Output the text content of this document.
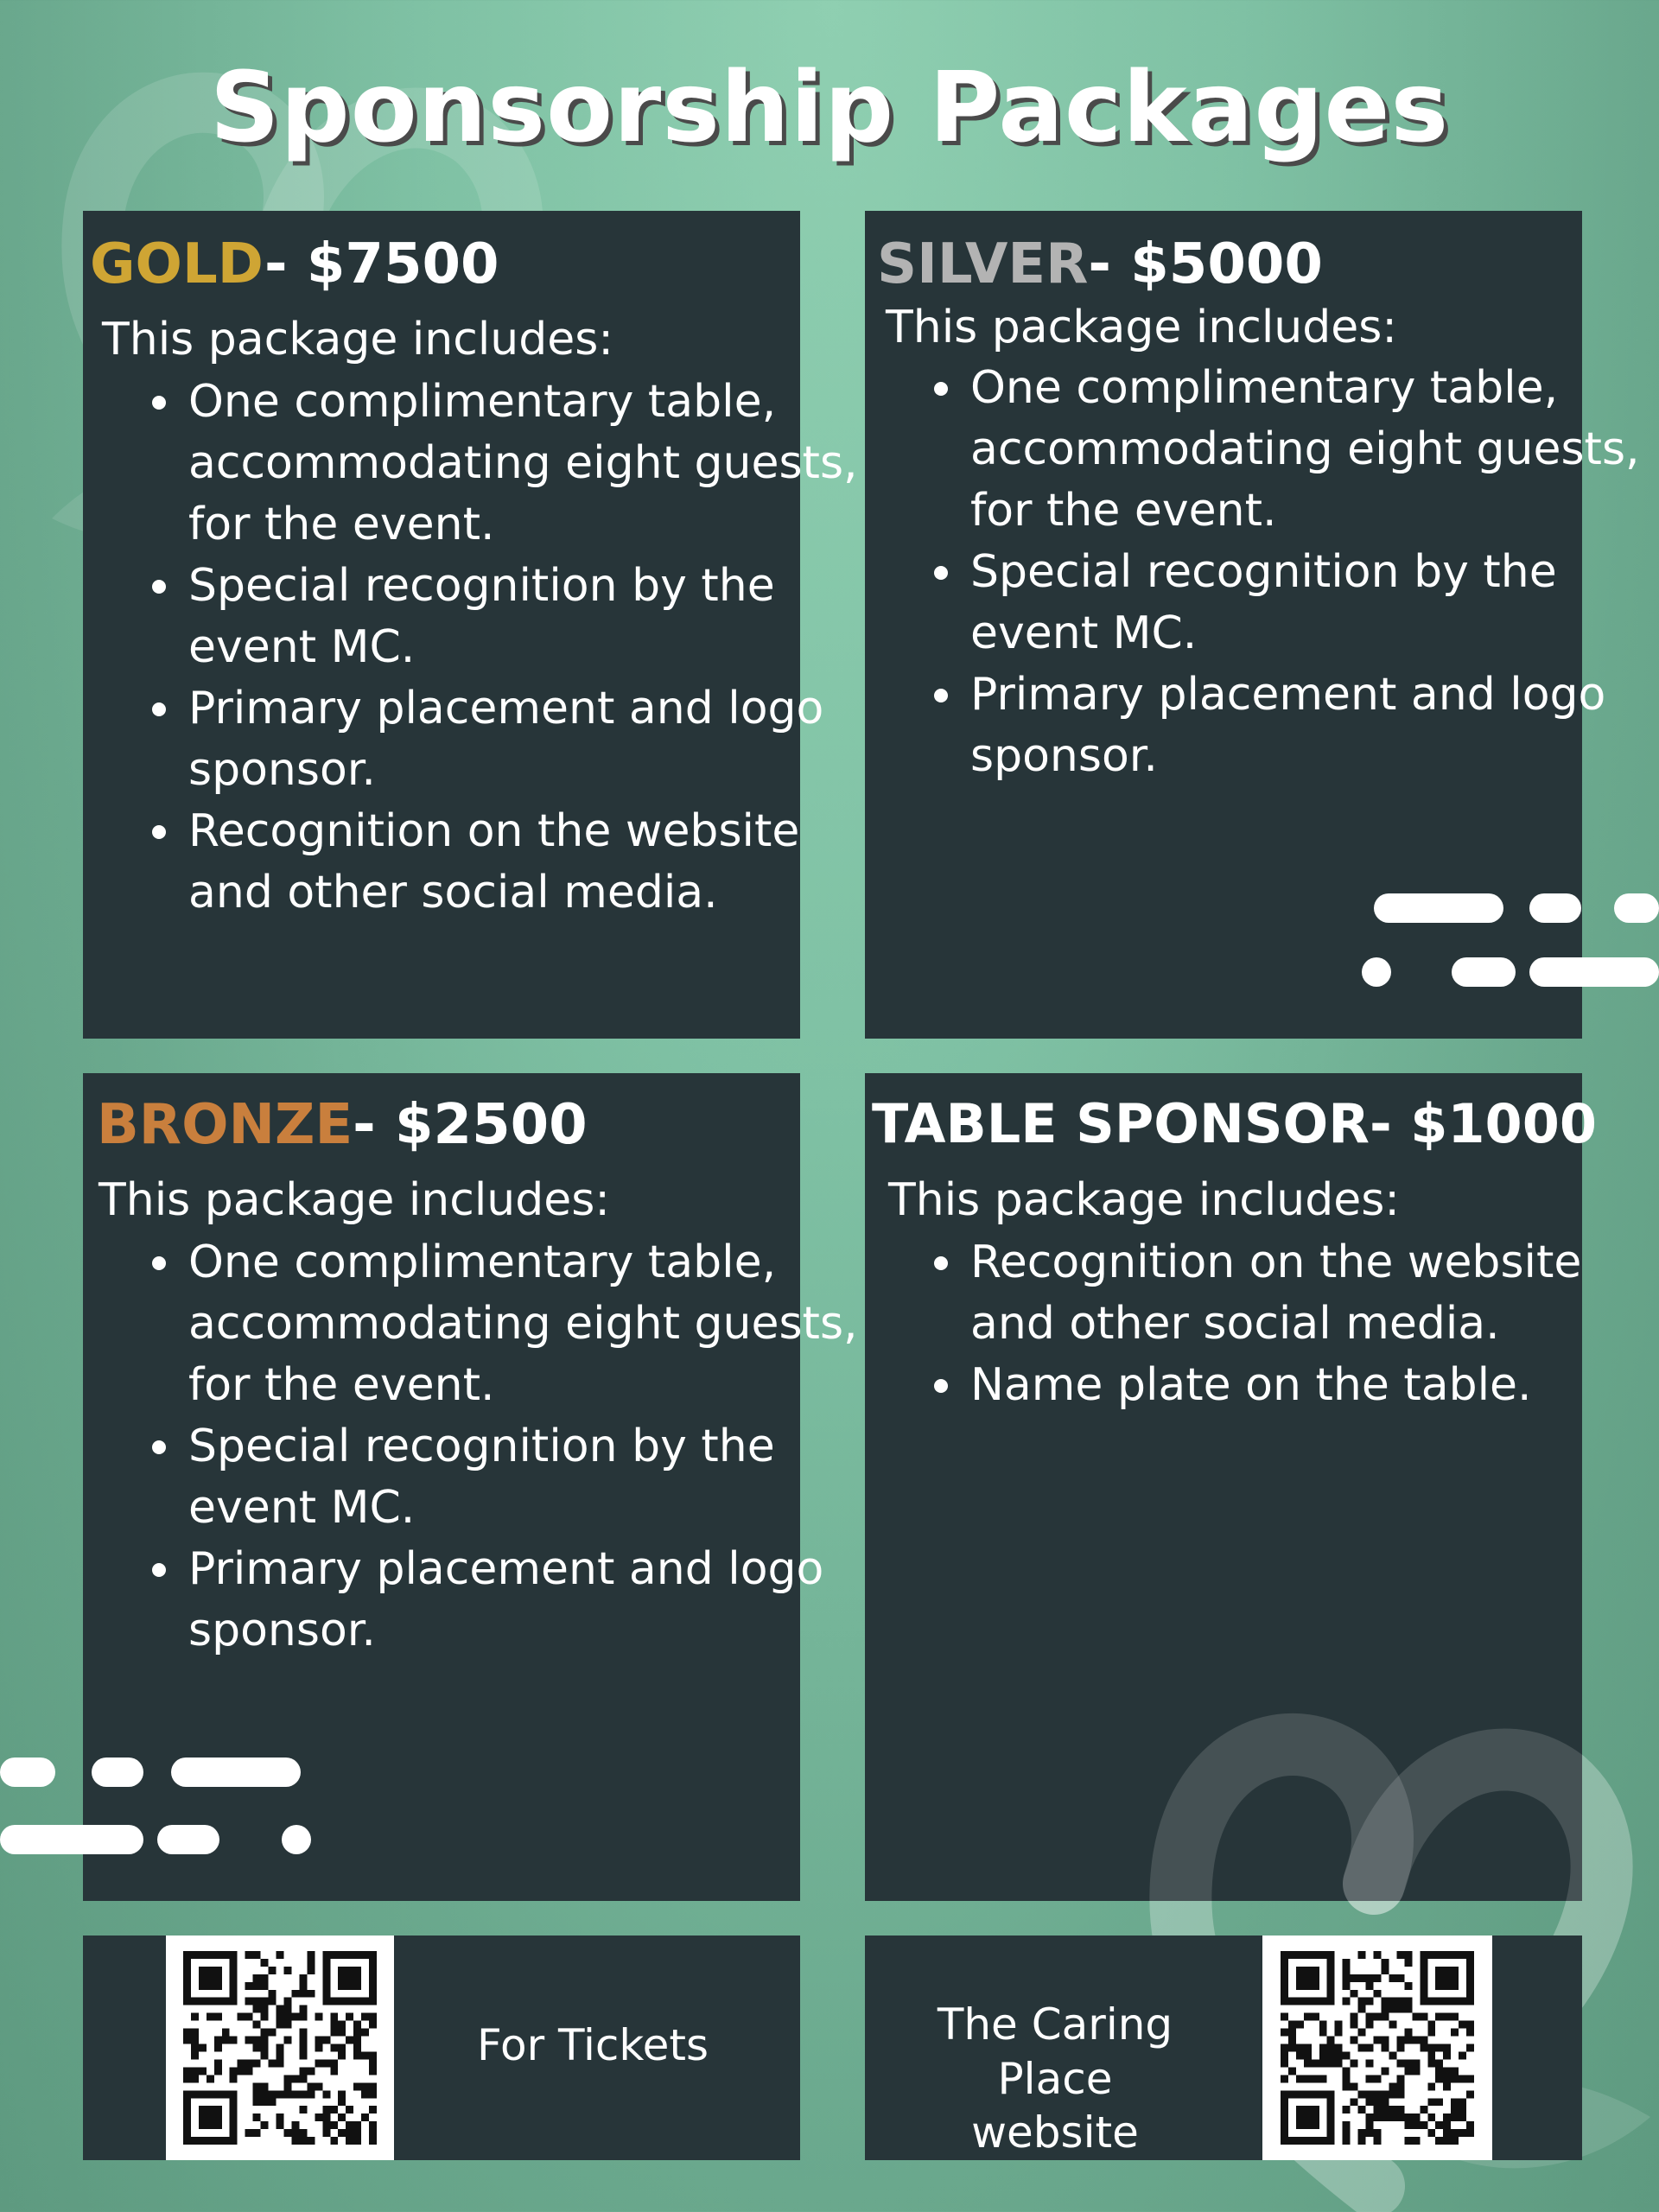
Sponsorship Packages
GOLD- $7500

This package includes:

One complimentary table, accommodating eight guests, for the event.
Special recognition by the event MC.
Primary placement and logo sponsor.
Recognition on the website and other social media.
SILVER- $5000

This package includes:

One complimentary table, accommodating eight guests, for the event.
Special recognition by the event MC.
Primary placement and logo sponsor.
BRONZE- $2500

This package includes:

One complimentary table, accommodating eight guests, for the event.
Special recognition by the event MC.
Primary placement and logo sponsor.
TABLE SPONSOR- $1000

This package includes:

Recognition on the website and other social media.
Name plate on the table.
For Tickets	The Caring Place
website
